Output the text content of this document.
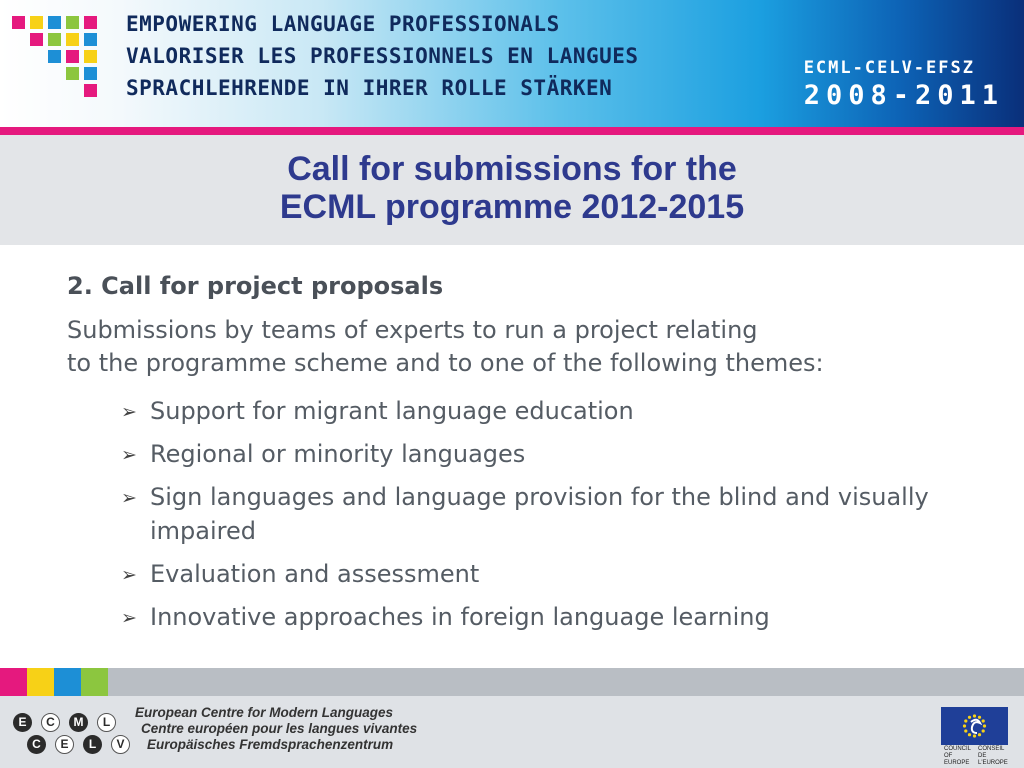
EMPOWERING LANGUAGE PROFESSIONALS
VALORISER LES PROFESSIONNELS EN LANGUES
SPRACHLEHRENDE IN IHRER ROLLE STÄRKEN
ECML-CELV-EFSZ
2008-2011
Call for submissions for the
ECML programme 2012-2015

2. Call for project proposals

Submissions by teams of experts to run a project relating
to the programme scheme and to one of the following themes:

➢ Support for migrant language education
➢ Regional or minority languages
➢ Sign languages and language provision for the blind and visually impaired
➢ Evaluation and assessment
➢ Innovative approaches in foreign language learning
E	C	M	L
C	E	L	V
European Centre for Modern Languages
Centre européen pour les langues vivantes
Europäisches Fremdsprachenzentrum	COUNCIL OF EUROPE
CONSEIL DE L'EUROPE
